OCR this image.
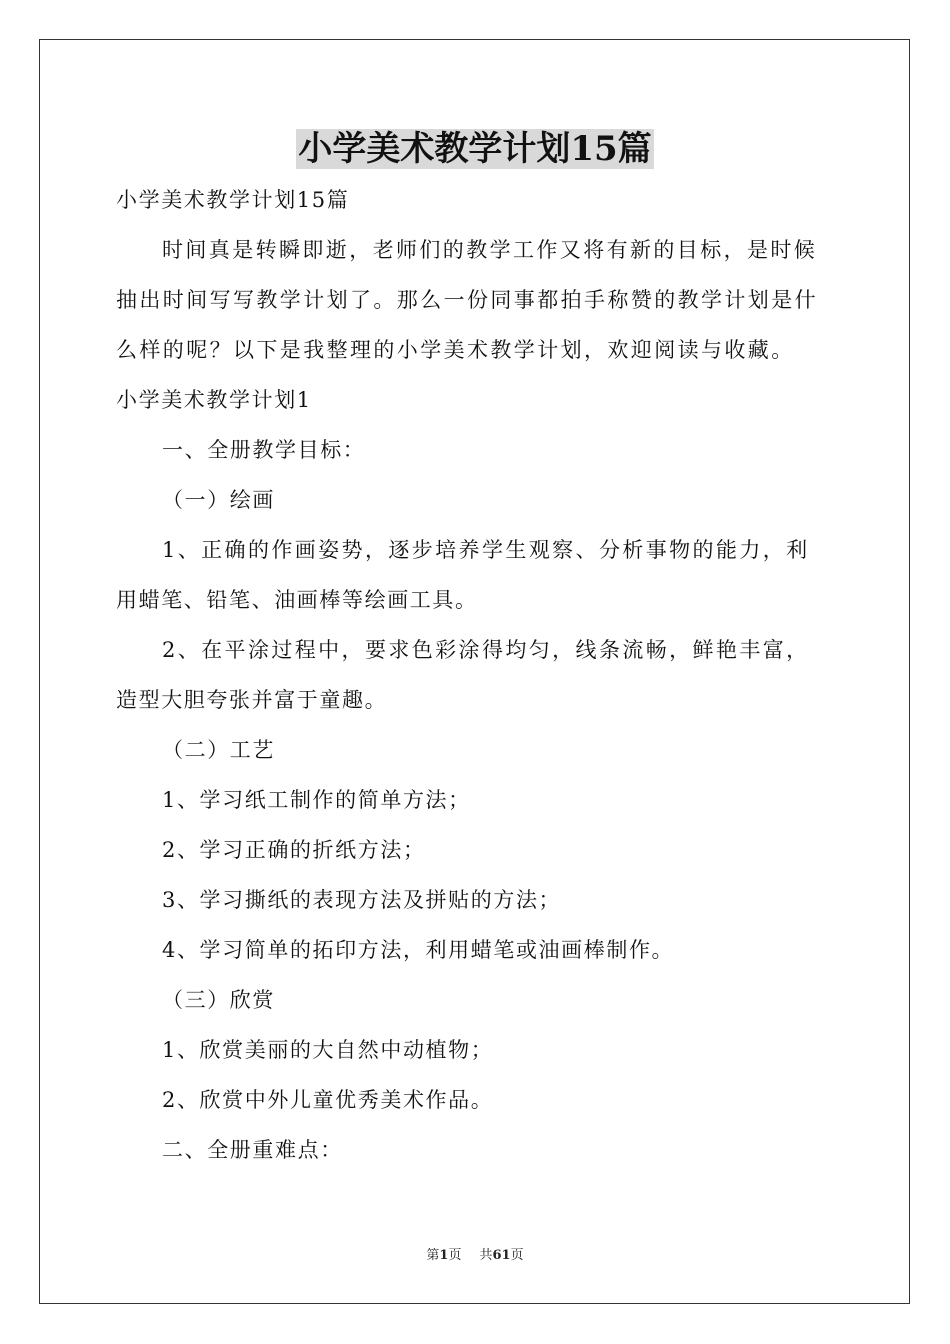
小学美术教学计划15篇

小学美术教学计划15篇

时间真是转瞬即逝，老师们的教学工作又将有新的目标，是时候

抽出时间写写教学计划了。那么一份同事都拍手称赞的教学计划是什

么样的呢？以下是我整理的小学美术教学计划，欢迎阅读与收藏。

小学美术教学计划1

一、全册教学目标：

（一）绘画

1、正确的作画姿势，逐步培养学生观察、分析事物的能力，利

用蜡笔、铅笔、油画棒等绘画工具。

2、在平涂过程中，要求色彩涂得均匀，线条流畅，鲜艳丰富，

造型大胆夸张并富于童趣。

（二）工艺

1、学习纸工制作的简单方法；

2、学习正确的折纸方法；

3、学习撕纸的表现方法及拼贴的方法；

4、学习简单的拓印方法，利用蜡笔或油画棒制作。

（三）欣赏

1、欣赏美丽的大自然中动植物；

2、欣赏中外儿童优秀美术作品。

二、全册重难点：

第1页 共61页
